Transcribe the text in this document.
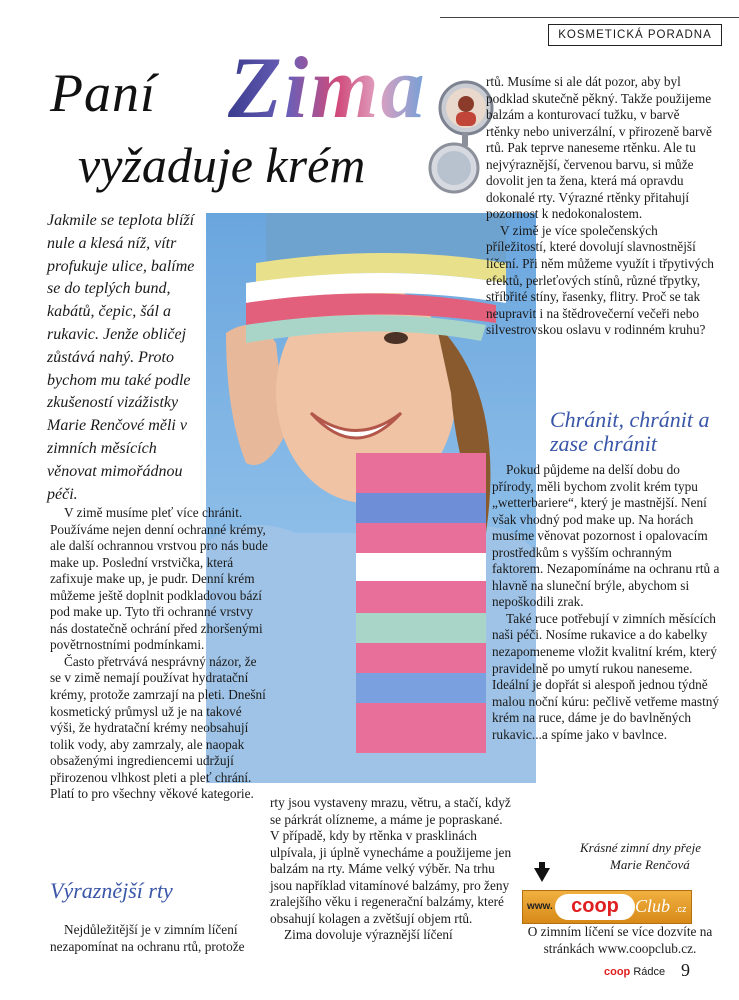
KOSMETICKÁ PORADNA
Paní Zima
vyžaduje krém
Jakmile se teplota blíží nule a klesá níž, vítr profukuje ulice, balíme se do teplých bund, kabátů, čepic, šál a rukavic. Jenže obličej zůstává nahý. Proto bychom mu také podle zkušeností vizážistky Marie Renčové měli v zimních měsících věnovat mimořádnou péči.

V zimě musíme pleť více chránit. Používáme nejen denní ochranné krémy, ale další ochrannou vrstvou pro nás bude make up. Poslední vrstvička, která zafixuje make up, je pudr. Denní krém můžeme ještě doplnit podkladovou bází pod make up. Tyto tři ochranné vrstvy nás dostatečně ochrání před zhoršenými povětrnostními podmínkami.

Často přetrvává nesprávný názor, že se v zimě nemají používat hydratační krémy, protože zamrzají na pleti. Dnešní kosmetický průmysl už je na takové výši, že hydratační krémy neobsahují tolik vody, aby zamrzaly, ale naopak obsaženými ingrediencemi udržují přirozenou vlhkost pleti a pleť chrání. Platí to pro všechny věkové kategorie.

Výraznější rty

Nejdůležitější je v zimním líčení nezapomínat na ochranu rtů, protože

rty jsou vystaveny mrazu, větru, a stačí, když se párkrát olízneme, a máme je popraskané. V případě, kdy by rtěnka v prasklinách ulpívala, ji úplně vynecháme a použijeme jen balzám na rty. Máme velký výběr. Na trhu jsou například vitamínové balzámy, pro ženy zralejšího věku i regenerační balzámy, které obsahují kolagen a zvětšují objem rtů.

Zima dovoluje výraznější líčení

rtů. Musíme si ale dát pozor, aby byl podklad skutečně pěkný. Takže použijeme balzám a konturovací tužku, v barvě rtěnky nebo univerzální, v přirozeně barvě rtů. Pak teprve naneseme rtěnku. Ale tu nejvýraznější, červenou barvu, si může dovolit jen ta žena, která má opravdu dokonalé rty. Výrazné rtěnky přitahují pozornost k nedokonalostem.

V zimě je více společenských příležitostí, které dovolují slavnostnější líčení. Při něm můžeme využít i třpytivých efektů, perleťových stínů, různé třpytky, stříbřité stíny, řasenky, flitry. Proč se tak neupravit i na štědrovečerní večeři nebo silvestrovskou oslavu v rodinném kruhu?

Chránit, chránit a zase chránit

Pokud půjdeme na delší dobu do přírody, měli bychom zvolit krém typu „wetterbariere“, který je mastnější. Není však vhodný pod make up. Na horách musíme věnovat pozornost i opalovacím prostředkům s vyšším ochranným faktorem. Nezapomínáme na ochranu rtů a hlavně na sluneční brýle, abychom si nepoškodili zrak.

Také ruce potřebují v zimních měsících naši péči. Nosíme rukavice a do kabelky nezapomeneme vložit kvalitní krém, který pravidelně po umytí rukou naneseme. Ideální je dopřát si alespoň jednou týdně malou noční kúru: pečlivě vetřeme mastný krém na ruce, dáme je do bavlněných rukavic...a spíme jako v bavlnce.

Krásné zimní dny přeje
Marie Renčová
www. coop Club .cz
O zimním líčení se více dozvíte na stránkách www.coopclub.cz.
coop Rádce 9
